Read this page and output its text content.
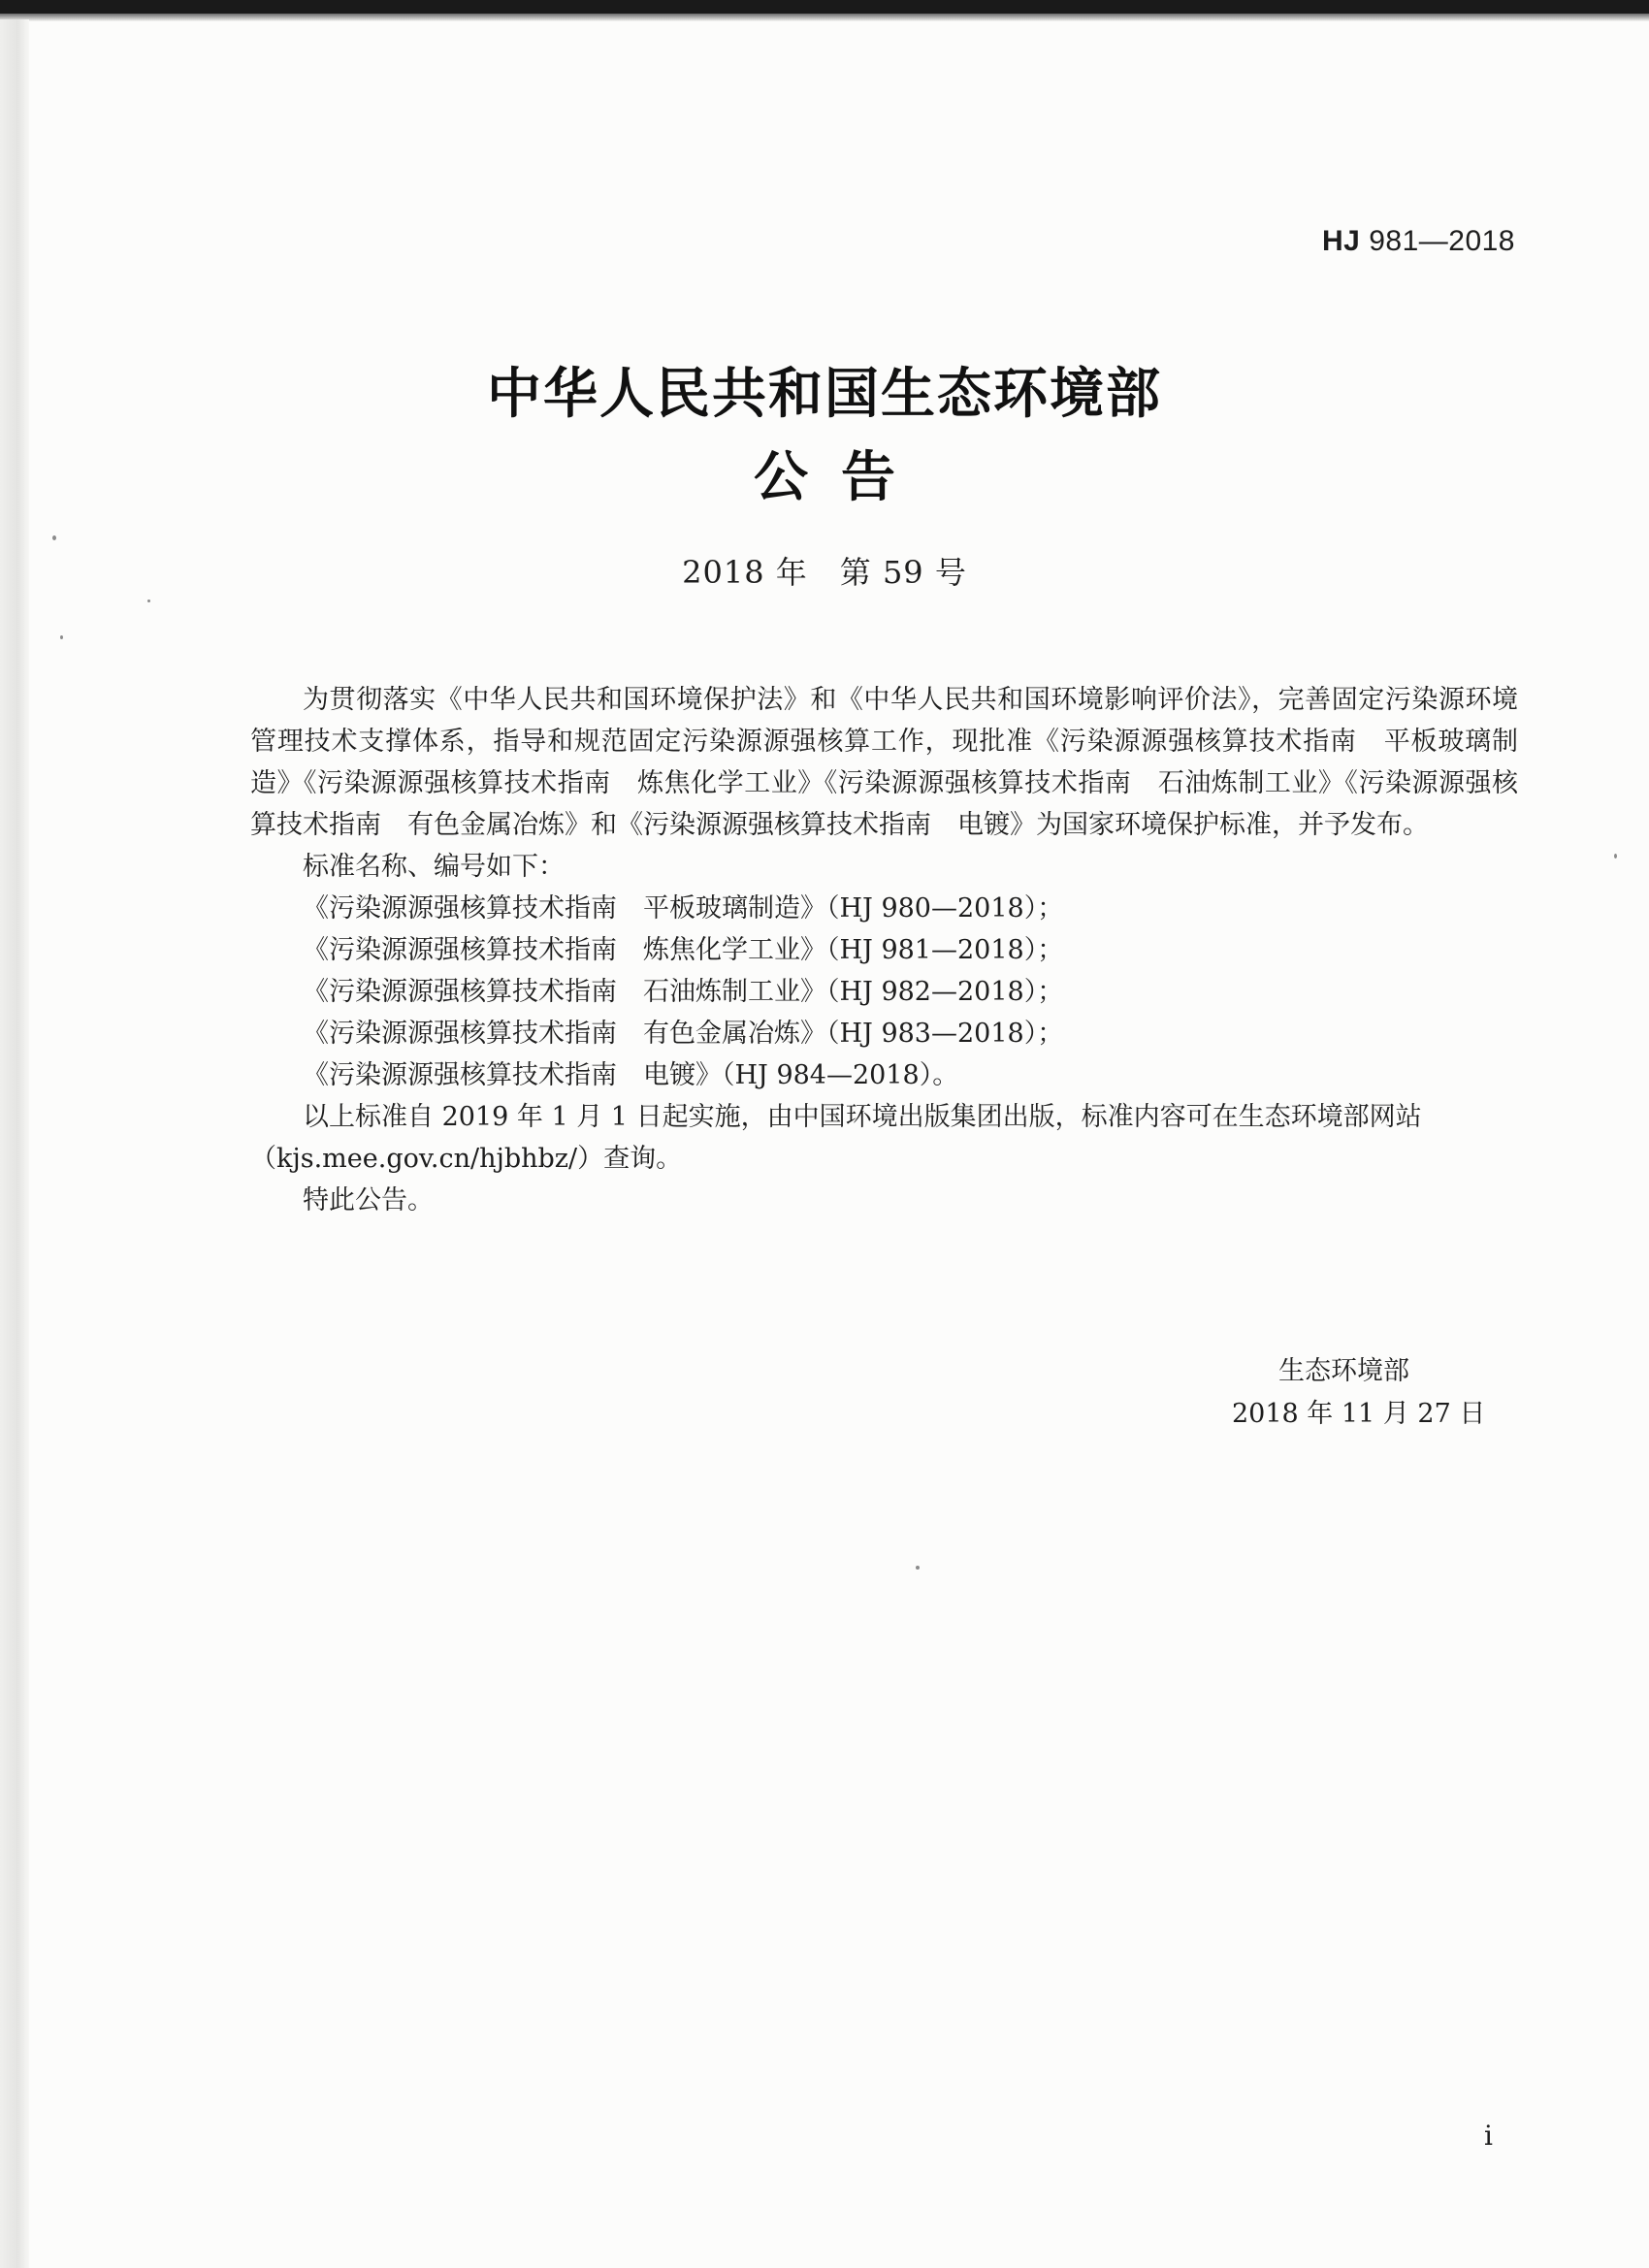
HJ 981—2018
中华人民共和国生态环境部
公告
2018 年　第 59 号

为贯彻落实《中华人民共和国环境保护法》和《中华人民共和国环境影响评价法》，完善固定污染源环境管理技术支撑体系，指导和规范固定污染源源强核算工作，现批准《污染源源强核算技术指南　平板玻璃制造》《污染源源强核算技术指南　炼焦化学工业》《污染源源强核算技术指南　石油炼制工业》《污染源源强核算技术指南　有色金属冶炼》和《污染源源强核算技术指南　电镀》为国家环境保护标准，并予发布。

标准名称、编号如下：

《污染源源强核算技术指南　平板玻璃制造》（HJ 980—2018）；
《污染源源强核算技术指南　炼焦化学工业》（HJ 981—2018）；
《污染源源强核算技术指南　石油炼制工业》（HJ 982—2018）；
《污染源源强核算技术指南　有色金属冶炼》（HJ 983—2018）；
《污染源源强核算技术指南　电镀》（HJ 984—2018）。

以上标准自 2019 年 1 月 1 日起实施，由中国环境出版集团出版，标准内容可在生态环境部网站

（kjs.mee.gov.cn/hjbhbz/）查询。

特此公告。

生态环境部
2018 年 11 月 27 日
i
